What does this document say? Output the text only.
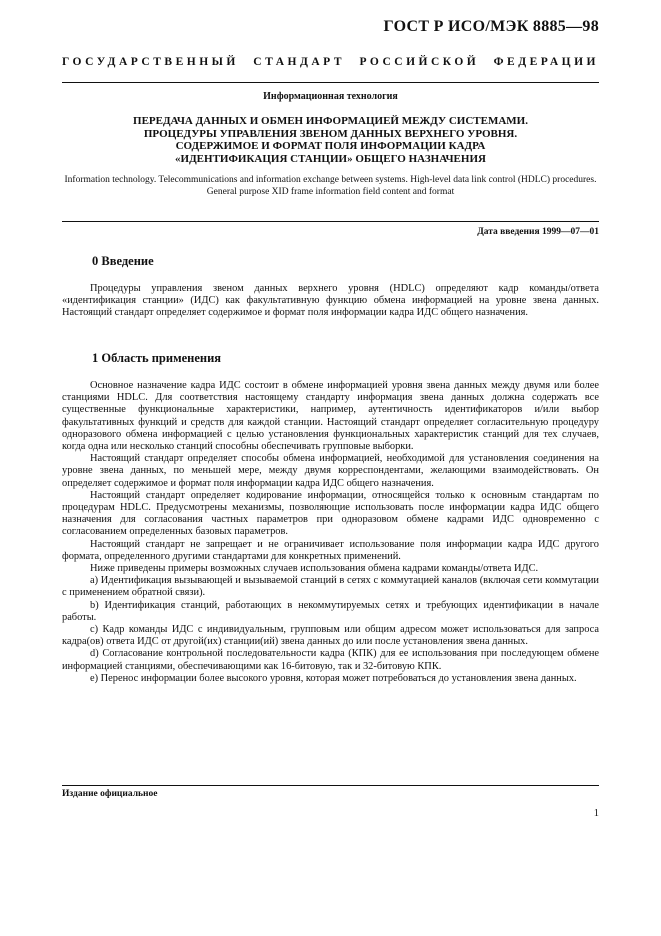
ГОСТ Р ИСО/МЭК 8885—98
ГОСУДАРСТВЕННЫЙ СТАНДАРТ РОССИЙСКОЙ ФЕДЕРАЦИИ
Информационная технология
ПЕРЕДАЧА ДАННЫХ И ОБМЕН ИНФОРМАЦИЕЙ МЕЖДУ СИСТЕМАМИ.
ПРОЦЕДУРЫ УПРАВЛЕНИЯ ЗВЕНОМ ДАННЫХ ВЕРХНЕГО УРОВНЯ.
СОДЕРЖИМОЕ И ФОРМАТ ПОЛЯ ИНФОРМАЦИИ КАДРА
«ИДЕНТИФИКАЦИЯ СТАНЦИИ» ОБЩЕГО НАЗНАЧЕНИЯ
Information technology. Telecommunications and information exchange between systems. High-level data link control (HDLC) procedures. General purpose XID frame information field content and format
Дата введения 1999—07—01
0 Введение

Процедуры управления звеном данных верхнего уровня (HDLC) определяют кадр команды/ответа «идентификация станции» (ИДС) как факультативную функцию обмена информацией на уровне звена данных. Настоящий стандарт определяет содержимое и формат поля информации кадра ИДС общего назначения.

1 Область применения

Основное назначение кадра ИДС состоит в обмене информацией уровня звена данных между двумя или более станциями HDLC. Для соответствия настоящему стандарту информация звена данных должна содержать все существенные функциональные характеристики, например, аутентичность идентификаторов и/или выбор факультативных функций и средств для каждой станции. Настоящий стандарт определяет согласительную процедуру одноразового обмена информацией с целью установления функциональных характеристик станций для тех случаев, когда одна или несколько станций способны обеспечивать групповые выборки.

Настоящий стандарт определяет способы обмена информацией, необходимой для установления соединения на уровне звена данных, по меньшей мере, между двумя корреспондентами, желающими взаимодействовать. Он определяет содержимое и формат поля информации кадра ИДС общего назначения.

Настоящий стандарт определяет кодирование информации, относящейся только к основным стандартам по процедурам HDLC. Предусмотрены механизмы, позволяющие использовать после информации кадра ИДС общего назначения для согласования частных параметров при одноразовом обмене кадрами ИДС одновременно с согласованием определенных базовых параметров.

Настоящий стандарт не запрещает и не ограничивает использование поля информации кадра ИДС другого формата, определенного другими стандартами для конкретных применений.

Ниже приведены примеры возможных случаев использования обмена кадрами команды/ответа ИДС.

a) Идентификация вызывающей и вызываемой станций в сетях с коммутацией каналов (включая сети коммутации с применением обратной связи).

b) Идентификация станций, работающих в некоммутируемых сетях и требующих идентификации в начале работы.

c) Кадр команды ИДС с индивидуальным, групповым или общим адресом может использоваться для запроса кадра(ов) ответа ИДС от другой(их) станции(ий) звена данных до или после установления звена данных.

d) Согласование контрольной последовательности кадра (КПК) для ее использования при последующем обмене информацией станциями, обеспечивающими как 16-битовую, так и 32-битовую КПК.

e) Перенос информации более высокого уровня, которая может потребоваться до установления звена данных.

Издание официальное
1
